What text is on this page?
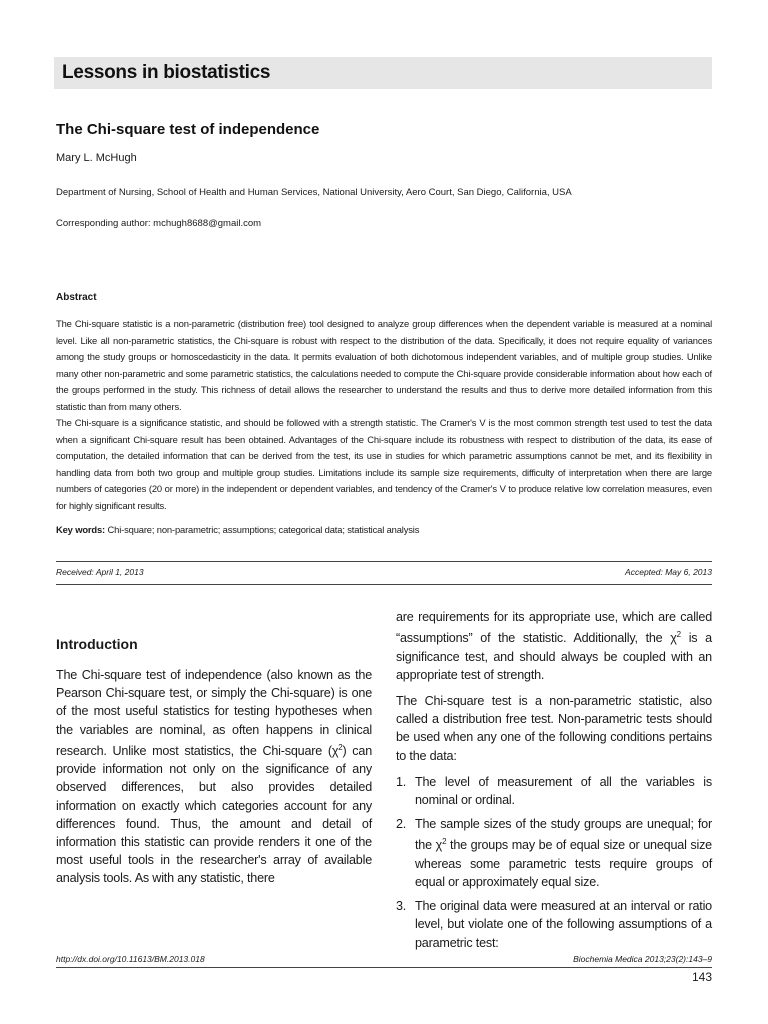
Lessons in biostatistics
The Chi-square test of independence
Mary L. McHugh
Department of Nursing, School of Health and Human Services, National University, Aero Court, San Diego, California, USA
Corresponding author: mchugh8688@gmail.com
Abstract

The Chi-square statistic is a non-parametric (distribution free) tool designed to analyze group differences when the dependent variable is measured at a nominal level. Like all non-parametric statistics, the Chi-square is robust with respect to the distribution of the data. Specifically, it does not require equality of variances among the study groups or homoscedasticity in the data. It permits evaluation of both dichotomous independent variables, and of multiple group studies. Unlike many other non-parametric and some parametric statistics, the calculations needed to compute the Chi-square provide considerable information about how each of the groups performed in the study. This richness of detail allows the researcher to understand the results and thus to derive more detailed information from this statistic than from many others.

The Chi-square is a significance statistic, and should be followed with a strength statistic. The Cramer's V is the most common strength test used to test the data when a significant Chi-square result has been obtained. Advantages of the Chi-square include its robustness with respect to distribution of the data, its ease of computation, the detailed information that can be derived from the test, its use in studies for which parametric assumptions cannot be met, and its flexibility in handling data from both two group and multiple group studies. Limitations include its sample size requirements, difficulty of interpretation when there are large numbers of categories (20 or more) in the independent or dependent variables, and tendency of the Cramer's V to produce relative low correlation measures, even for highly significant results.

Key words: Chi-square; non-parametric; assumptions; categorical data; statistical analysis
Received: April 1, 2013	Accepted: May 6, 2013
Introduction

The Chi-square test of independence (also known as the Pearson Chi-square test, or simply the Chi-square) is one of the most useful statistics for testing hypotheses when the variables are nominal, as often happens in clinical research. Unlike most statistics, the Chi-square $(\chi^2)$ can provide information not only on the significance of any observed differences, but also provides detailed information on exactly which categories account for any differences found. Thus, the amount and detail of information this statistic can provide renders it one of the most useful tools in the researcher's array of available analysis tools. As with any statistic, there

are requirements for its appropriate use, which are called “assumptions” of the statistic. Additionally, the $\chi^2$ is a significance test, and should always be coupled with an appropriate test of strength.

The Chi-square test is a non-parametric statistic, also called a distribution free test. Non-parametric tests should be used when any one of the following conditions pertains to the data:

1. The level of measurement of all the variables is nominal or ordinal.
2. The sample sizes of the study groups are unequal; for the $\chi^2$ the groups may be of equal size or unequal size whereas some parametric tests require groups of equal or approximately equal size.
3. The original data were measured at an interval or ratio level, but violate one of the following assumptions of a parametric test:
http://dx.doi.org/10.11613/BM.2013.018	Biochemia Medica 2013;23(2):143–9
143
